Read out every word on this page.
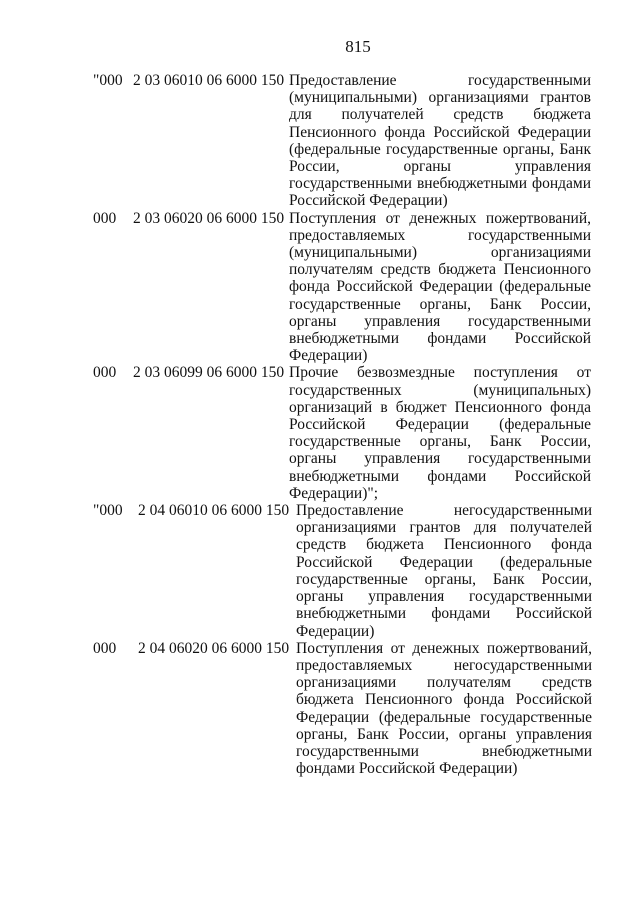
815
"000 2 03 06010 06 6000 150 Предоставление государственными (муниципальными) организациями грантов для получателей средств бюджета Пенсионного фонда Российской Федерации (федеральные государственные органы, Банк России, органы управления государственными внебюджетными фондами Российской Федерации)
000 2 03 06020 06 6000 150 Поступления от денежных пожертвований, предоставляемых государственными (муниципальными) организациями получателям средств бюджета Пенсионного фонда Российской Федерации (федеральные государственные органы, Банк России, органы управления государственными внебюджетными фондами Российской Федерации)
000 2 03 06099 06 6000 150 Прочие безвозмездные поступления от государственных (муниципальных) организаций в бюджет Пенсионного фонда Российской Федерации (федеральные государственные органы, Банк России, органы управления государственными внебюджетными фондами Российской Федерации)";
"000 2 04 06010 06 6000 150 Предоставление негосударственными организациями грантов для получателей средств бюджета Пенсионного фонда Российской Федерации (федеральные государственные органы, Банк России, органы управления государственными внебюджетными фондами Российской Федерации)
000 2 04 06020 06 6000 150 Поступления от денежных пожертвований, предоставляемых негосударственными организациями получателям средств бюджета Пенсионного фонда Российской Федерации (федеральные государственные органы, Банк России, органы управления государственными внебюджетными фондами Российской Федерации)
